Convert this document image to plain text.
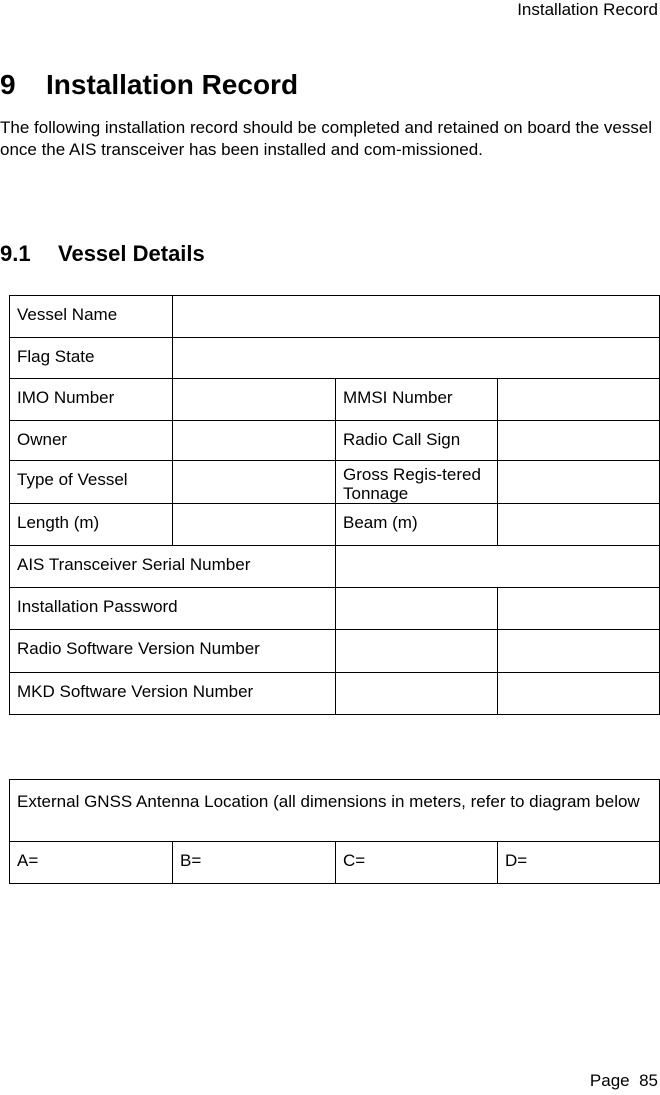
Installation Record
9 Installation Record
The following installation record should be completed and retained on board the vessel once the AIS transceiver has been installed and com-missioned.
9.1 Vessel Details
Vessel Name			
Flag State			
IMO Number		MMSI Number	
Owner		Radio Call Sign	
Type of Vessel		Gross Regis-tered Tonnage	
Length (m)		Beam (m)	
AIS Transceiver Serial Number			
Installation Password			
Radio Software Version Number			
MKD Software Version Number			
External GNSS Antenna Location (all dimensions in meters, refer to diagram below
A=	B=	C=	D=
Page 85
